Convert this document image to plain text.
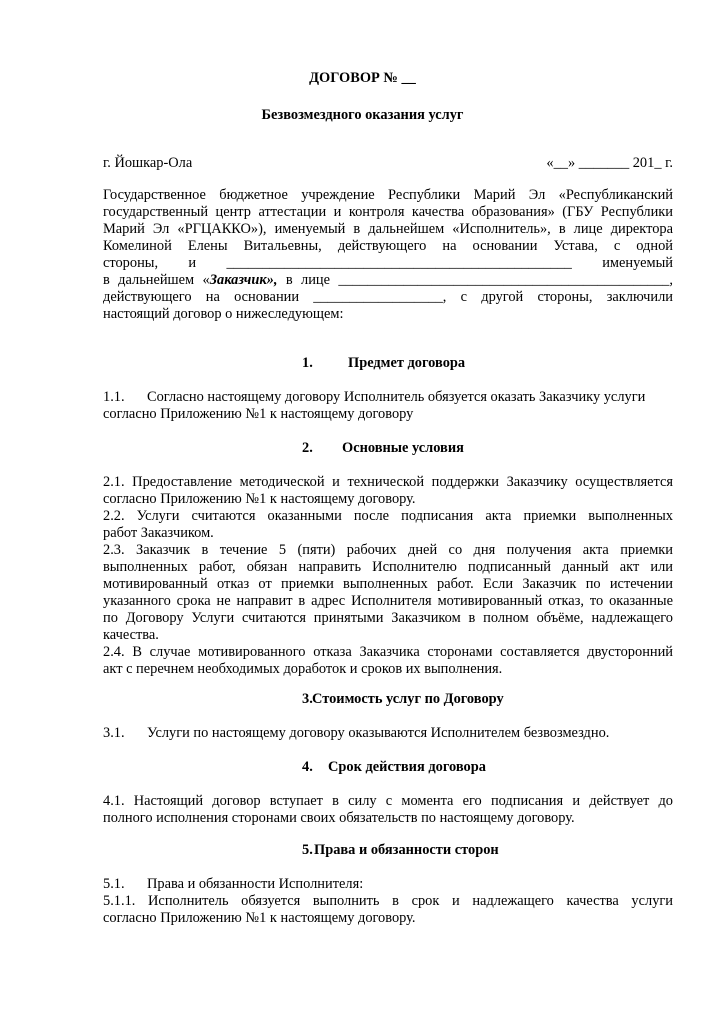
ДОГОВОР № __
Безвозмездного оказания услуг
г. Йошкар-Ола	«__» _______ 201_ г.
Государственное бюджетное учреждение Республики Марий Эл «Республиканский
государственный центр аттестации и контроля качества образования» (ГБУ Республики
Марий Эл «РГЦАККО»), именуемый в дальнейшем «Исполнитель», в лице директора
Комелиной Елены Витальевны, действующего на основании Устава, с одной
стороны, и ________________________________________________ именуемый
в дальнейшем «Заказчик», в лице ______________________________________________,
действующего на основании __________________, с другой стороны, заключили
настоящий договор о нижеследующем:
1. Предмет договора
1.1. Согласно настоящему договору Исполнитель обязуется оказать Заказчику услуги
согласно Приложению №1 к настоящему договору
2. Основные условия
2.1. Предоставление методической и технической поддержки Заказчику осуществляется
согласно Приложению №1 к настоящему договору.
2.2. Услуги считаются оказанными после подписания акта приемки выполненных
работ Заказчиком.
2.3. Заказчик в течение 5 (пяти) рабочих дней со дня получения акта приемки
выполненных работ, обязан направить Исполнителю подписанный данный акт или
мотивированный отказ от приемки выполненных работ. Если Заказчик по истечении
указанного срока не направит в адрес Исполнителя мотивированный отказ, то оказанные
по Договору Услуги считаются принятыми Заказчиком в полном объёме, надлежащего
качества.
2.4. В случае мотивированного отказа Заказчика сторонами составляется двусторонний
акт с перечнем необходимых доработок и сроков их выполнения.
3. Стоимость услуг по Договору
3.1. Услуги по настоящему договору оказываются Исполнителем безвозмездно.
4. Срок действия договора
4.1. Настоящий договор вступает в силу с момента его подписания и действует до
полного исполнения сторонами своих обязательств по настоящему договору.
5. Права и обязанности сторон
5.1. Права и обязанности Исполнителя:
5.1.1. Исполнитель обязуется выполнить в срок и надлежащего качества услуги
согласно Приложению №1 к настоящему договору.
